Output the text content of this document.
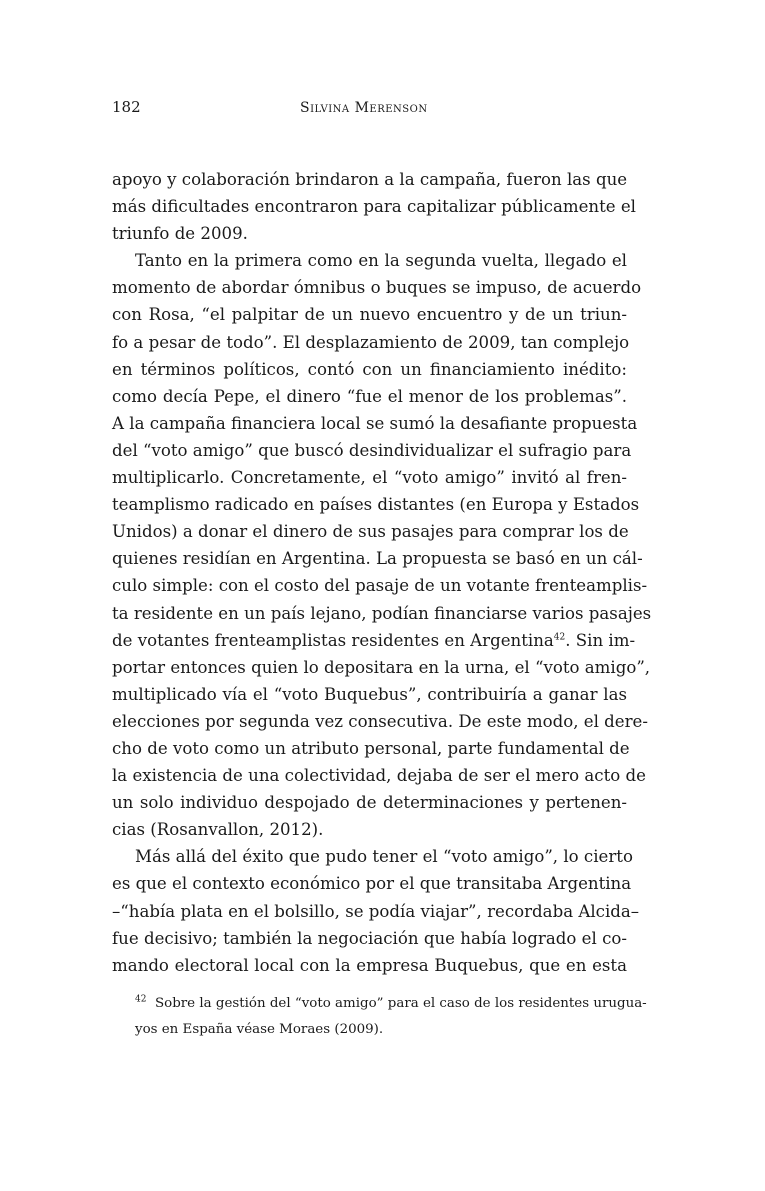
182	Silvina Merenson
apoyo y colaboración brindaron a la campaña, fueron las que
más dificultades encontraron para capitalizar públicamente el
triunfo de 2009.
Tanto en la primera como en la segunda vuelta, llegado el
momento de abordar ómnibus o buques se impuso, de acuerdo
con Rosa, “el palpitar de un nuevo encuentro y de un triun-
fo a pesar de todo”. El desplazamiento de 2009, tan complejo
en términos políticos, contó con un financiamiento inédito:
como decía Pepe, el dinero “fue el menor de los problemas”.
A la campaña financiera local se sumó la desafiante propuesta
del “voto amigo” que buscó desindividualizar el sufragio para
multiplicarlo. Concretamente, el “voto amigo” invitó al fren-
teamplismo radicado en países distantes (en Europa y Estados
Unidos) a donar el dinero de sus pasajes para comprar los de
quienes residían en Argentina. La propuesta se basó en un cál-
culo simple: con el costo del pasaje de un votante frenteamplis-
ta residente en un país lejano, podían financiarse varios pasajes
de votantes frenteamplistas residentes en Argentina$^{42}$. Sin im-
portar entonces quien lo depositara en la urna, el “voto amigo”,
multiplicado vía el “voto Buquebus”, contribuiría a ganar las
elecciones por segunda vez consecutiva. De este modo, el dere-
cho de voto como un atributo personal, parte fundamental de
la existencia de una colectividad, dejaba de ser el mero acto de
un solo individuo despojado de determinaciones y pertenen-
cias (Rosanvallon, 2012).
Más allá del éxito que pudo tener el “voto amigo”, lo cierto
es que el contexto económico por el que transitaba Argentina
–“había plata en el bolsillo, se podía viajar”, recordaba Alcida–
fue decisivo; también la negociación que había logrado el co-
mando electoral local con la empresa Buquebus, que en esta
$^{42}$ Sobre la gestión del “voto amigo” para el caso de los residentes urugua-
yos en España véase Moraes (2009).
